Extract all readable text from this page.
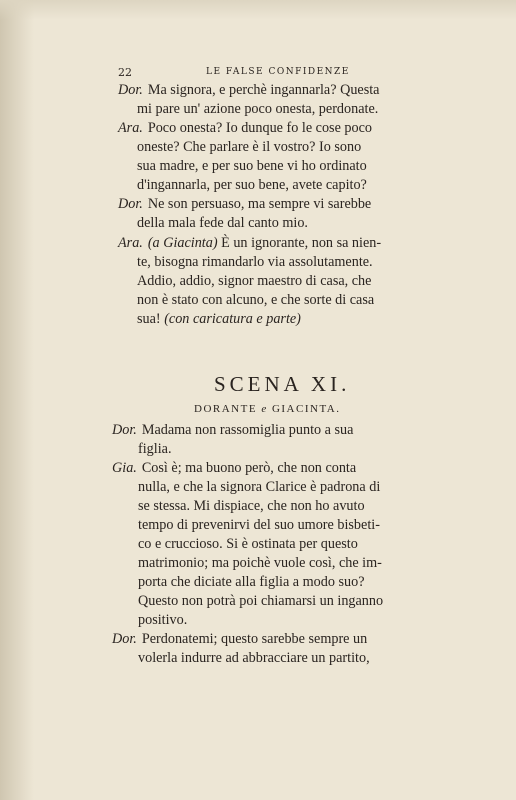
22	LE FALSE CONFIDENZE
Dor. Ma signora, e perchè ingannarla? Questa
mi pare un' azione poco onesta, perdonate.
Ara. Poco onesta? Io dunque fo le cose poco
oneste? Che parlare è il vostro? Io sono
sua madre, e per suo bene vi ho ordinato
d'ingannarla, per suo bene, avete capito?
Dor. Ne son persuaso, ma sempre vi sarebbe
della mala fede dal canto mio.
Ara. (a Giacinta) È un ignorante, non sa nien-
te, bisogna rimandarlo via assolutamente.
Addio, addio, signor maestro di casa, che
non è stato con alcuno, e che sorte di casa
sua! (con caricatura e parte)
SCENA XI.
DORANTE e GIACINTA.
Dor. Madama non rassomiglia punto a sua
figlia.
Gia. Così è; ma buono però, che non conta
nulla, e che la signora Clarice è padrona di
se stessa. Mi dispiace, che non ho avuto
tempo di prevenirvi del suo umore bisbeti-
co e cruccioso. Si è ostinata per questo
matrimonio; ma poichè vuole così, che im-
porta che diciate alla figlia a modo suo?
Questo non potrà poi chiamarsi un inganno
positivo.
Dor. Perdonatemi; questo sarebbe sempre un
volerla indurre ad abbracciare un partito,
